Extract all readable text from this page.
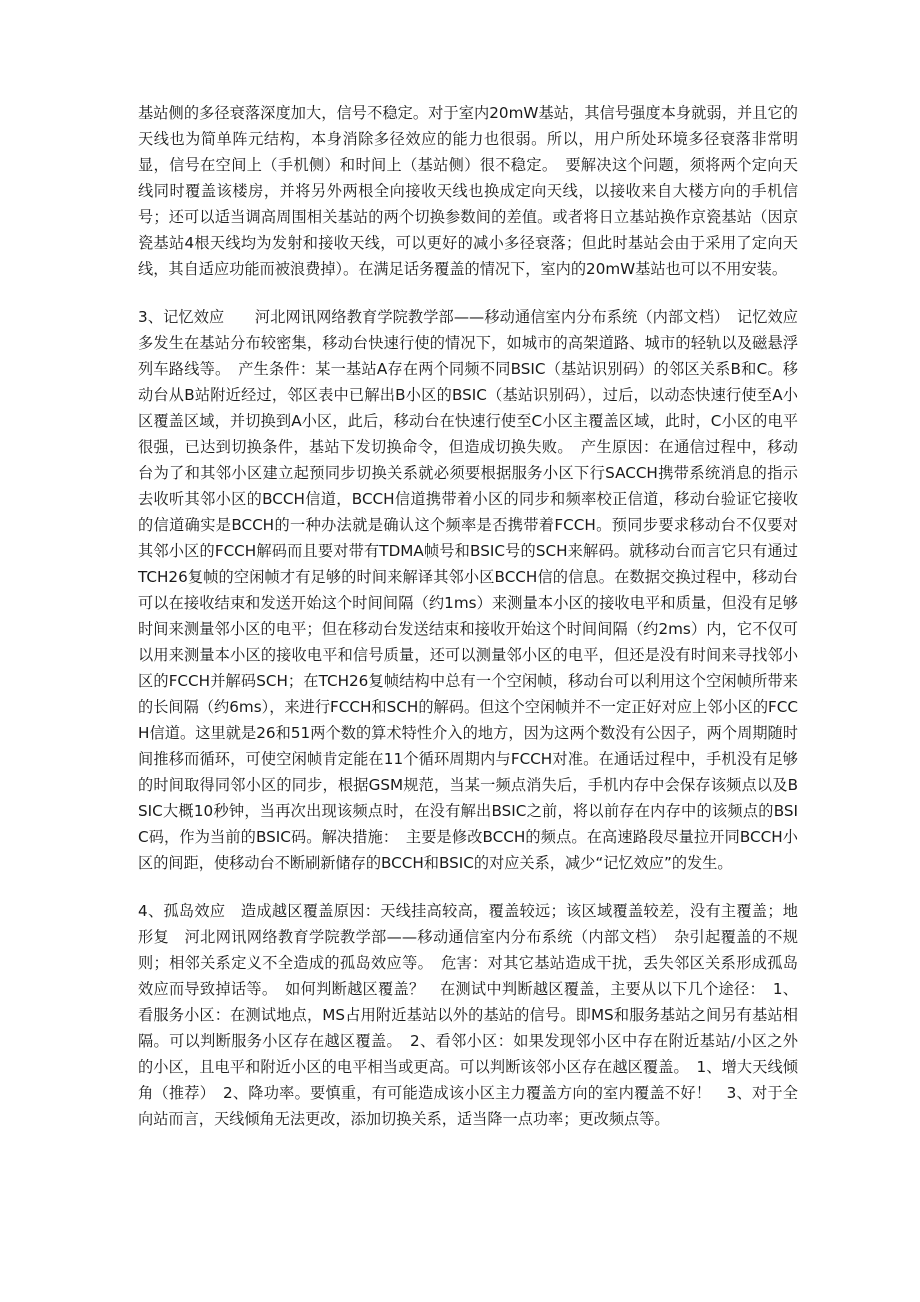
基站侧的多径衰落深度加大，信号不稳定。对于室内20mW基站，其信号强度本身就弱，并且它的天线也为简单阵元结构，本身消除多径效应的能力也很弱。所以，用户所处环境多径衰落非常明显，信号在空间上（手机侧）和时间上（基站侧）很不稳定。　要解决这个问题，须将两个定向天线同时覆盖该楼房，并将另外两根全向接收天线也换成定向天线，以接收来自大楼方向的手机信号；还可以适当调高周围相关基站的两个切换参数间的差值。或者将日立基站换作京瓷基站（因京瓷基站4根天线均为发射和接收天线，可以更好的减小多径衰落；但此时基站会由于采用了定向天线，其自适应功能而被浪费掉）。在满足话务覆盖的情况下，室内的20mW基站也可以不用安装。

3、记忆效应　　河北网讯网络教育学院教学部——移动通信室内分布系统（内部文档）　记忆效应多发生在基站分布较密集，移动台快速行使的情况下，如城市的高架道路、城市的轻轨以及磁悬浮列车路线等。　产生条件：某一基站A存在两个同频不同BSIC（基站识别码）的邻区关系B和C。移动台从B站附近经过，邻区表中已解出B小区的BSIC（基站识别码），过后，以动态快速行使至A小区覆盖区域，并切换到A小区，此后，移动台在快速行使至C小区主覆盖区域，此时，C小区的电平很强，已达到切换条件，基站下发切换命令，但造成切换失败。　产生原因：在通信过程中，移动台为了和其邻小区建立起预同步切换关系就必须要根据服务小区下行SACCH携带系统消息的指示去收听其邻小区的BCCH信道，BCCH信道携带着小区的同步和频率校正信道，移动台验证它接收的信道确实是BCCH的一种办法就是确认这个频率是否携带着FCCH。预同步要求移动台不仅要对其邻小区的FCCH解码而且要对带有TDMA帧号和BSIC号的SCH来解码。就移动台而言它只有通过TCH26复帧的空闲帧才有足够的时间来解译其邻小区BCCH信的信息。在数据交换过程中，移动台可以在接收结束和发送开始这个时间间隔（约1ms）来测量本小区的接收电平和质量，但没有足够时间来测量邻小区的电平；但在移动台发送结束和接收开始这个时间间隔（约2ms）内，它不仅可以用来测量本小区的接收电平和信号质量，还可以测量邻小区的电平，但还是没有时间来寻找邻小区的FCCH并解码SCH；在TCH26复帧结构中总有一个空闲帧，移动台可以利用这个空闲帧所带来的长间隔（约6ms），来进行FCCH和SCH的解码。但这个空闲帧并不一定正好对应上邻小区的FCCH信道。这里就是26和51两个数的算术特性介入的地方，因为这两个数没有公因子，两个周期随时间推移而循环，可使空闲帧肯定能在11个循环周期内与FCCH对准。在通话过程中，手机没有足够的时间取得同邻小区的同步，根据GSM规范，当某一频点消失后，手机内存中会保存该频点以及BSIC大概10秒钟，当再次出现该频点时，在没有解出BSIC之前，将以前存在内存中的该频点的BSIC码，作为当前的BSIC码。解决措施：　主要是修改BCCH的频点。在高速路段尽量拉开同BCCH小区的间距，使移动台不断刷新储存的BCCH和BSIC的对应关系，减少“记忆效应”的发生。

4、孤岛效应　造成越区覆盖原因：天线挂高较高，覆盖较远；该区域覆盖较差，没有主覆盖；地形复　河北网讯网络教育学院教学部——移动通信室内分布系统（内部文档）　杂引起覆盖的不规则；相邻关系定义不全造成的孤岛效应等。　危害：对其它基站造成干扰，丢失邻区关系形成孤岛效应而导致掉话等。　如何判断越区覆盖？　在测试中判断越区覆盖，主要从以下几个途径：　1、看服务小区：在测试地点，MS占用附近基站以外的基站的信号。即MS和服务基站之间另有基站相隔。可以判断服务小区存在越区覆盖。　2、看邻小区：如果发现邻小区中存在附近基站/小区之外的小区，且电平和附近小区的电平相当或更高。可以判断该邻小区存在越区覆盖。　1、增大天线倾角（推荐）　2、降功率。要慎重，有可能造成该小区主力覆盖方向的室内覆盖不好！　3、对于全向站而言，天线倾角无法更改，添加切换关系，适当降一点功率；更改频点等。
